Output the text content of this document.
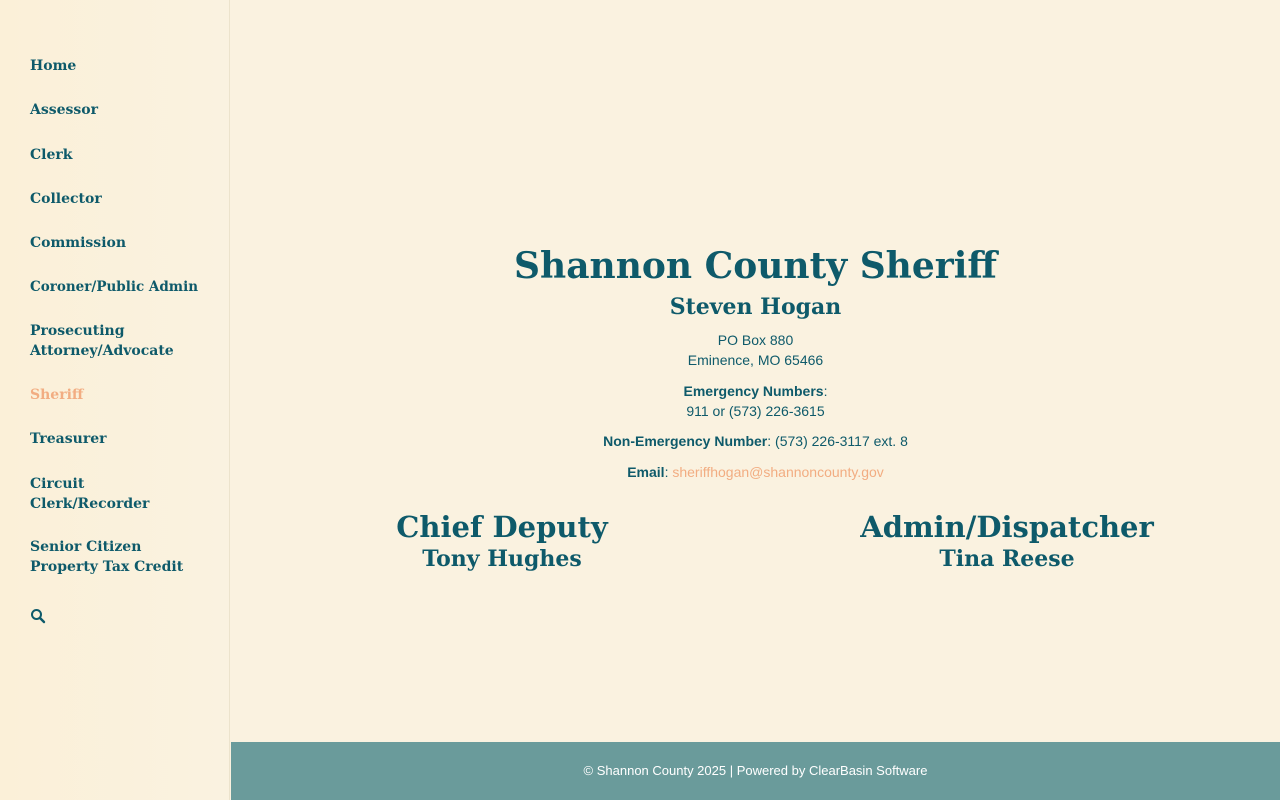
Home
Assessor
Clerk
Collector
Commission
Coroner/Public Admin
Prosecuting Attorney/Advocate
Sheriff
Treasurer
Circuit Clerk/Recorder
Senior Citizen Property Tax Credit
Shannon County Sheriff
Steven Hogan
PO Box 880
Eminence, MO 65466
Emergency Numbers:
911 or (573) 226-3615
Non-Emergency Number: (573) 226-3117 ext. 8
Email: sheriffhogan@shannoncounty.gov

Chief Deputy

Tony Hughes

Admin/Dispatcher

Tina Reese

© Shannon County 2025 | Powered by ClearBasin Software
